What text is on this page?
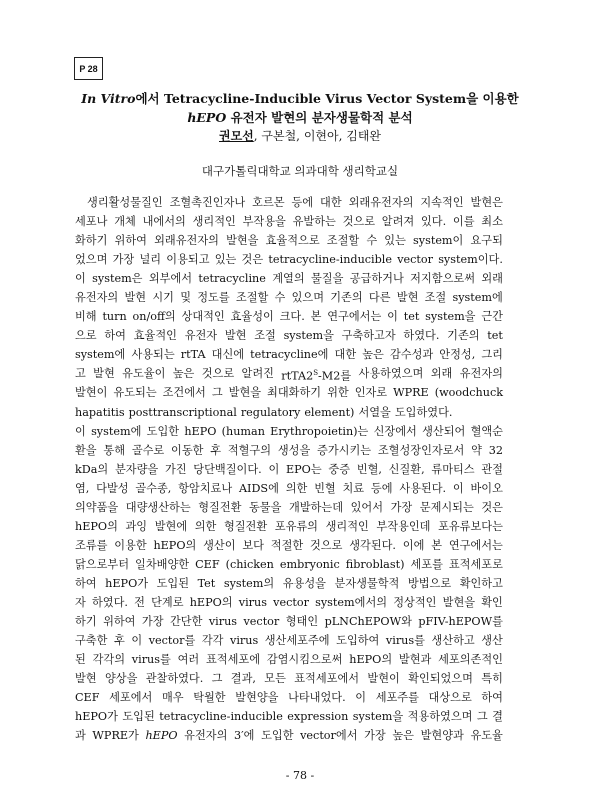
P 28
In Vitro에서 Tetracycline-Inducible Virus Vector System을 이용한
hEPO 유전자 발현의 분자생물학적 분석
권모선, 구본철, 이현아, 김태완
대구가톨릭대학교 의과대학 생리학교실
생리활성물질인 조혈촉진인자나 호르몬 등에 대한 외래유전자의 지속적인 발현은
세포나 개체 내에서의 생리적인 부작용을 유발하는 것으로 알려져 있다. 이를 최소
화하기 위하여 외래유전자의 발현을 효율적으로 조절할 수 있는 system이 요구되
었으며 가장 널리 이용되고 있는 것은 tetracycline-inducible vector system이다.
이 system은 외부에서 tetracycline 계열의 물질을 공급하거나 저지함으로써 외래
유전자의 발현 시기 및 정도를 조절할 수 있으며 기존의 다른 발현 조절 system에
비해 turn on/off의 상대적인 효율성이 크다. 본 연구에서는 이 tet system을 근간
으로 하여 효율적인 유전자 발현 조절 system을 구축하고자 하였다. 기존의 tet
system에 사용되는 rtTA 대신에 tetracycline에 대한 높은 감수성과 안정성, 그리
고 발현 유도율이 높은 것으로 알려진 $rtTA2^S-M2$를 사용하였으며 외래 유전자의
발현이 유도되는 조건에서 그 발현을 최대화하기 위한 인자로 WPRE (woodchuck
hapatitis posttranscriptional regulatory element) 서열을 도입하였다.
이 system에 도입한 hEPO (human Erythropoietin)는 신장에서 생산되어 혈액순
환을 통해 골수로 이동한 후 적혈구의 생성을 증가시키는 조혈성장인자로서 약 32
kDa의 분자량을 가진 당단백질이다. 이 EPO는 중증 빈혈, 신질환, 류마티스 관절
염, 다발성 골수종, 항암치료나 AIDS에 의한 빈혈 치료 등에 사용된다. 이 바이오
의약품을 대량생산하는 형질전환 동물을 개발하는데 있어서 가장 문제시되는 것은
hEPO의 과잉 발현에 의한 형질전환 포유류의 생리적인 부작용인데 포유류보다는
조류를 이용한 hEPO의 생산이 보다 적절한 것으로 생각된다. 이에 본 연구에서는
닭으로부터 일차배양한 CEF (chicken embryonic fibroblast) 세포를 표적세포로
하여 hEPO가 도입된 Tet system의 유용성을 분자생물학적 방법으로 확인하고
자 하였다. 전 단계로 hEPO의 virus vector system에서의 정상적인 발현을 확인
하기 위하여 가장 간단한 virus vector 형태인 pLNChEPOW와 pFIV-hEPOW를
구축한 후 이 vector를 각각 virus 생산세포주에 도입하여 virus를 생산하고 생산
된 각각의 virus를 여러 표적세포에 감염시킴으로써 hEPO의 발현과 세포의존적인
발현 양상을 관찰하였다. 그 결과, 모든 표적세포에서 발현이 확인되었으며 특히
CEF 세포에서 매우 탁월한 발현양을 나타내었다. 이 세포주를 대상으로 하여
hEPO가 도입된 tetracycline-inducible expression system을 적용하였으며 그 결
과 WPRE가 hEPO 유전자의 3′에 도입한 vector에서 가장 높은 발현양과 유도율
- 78 -
